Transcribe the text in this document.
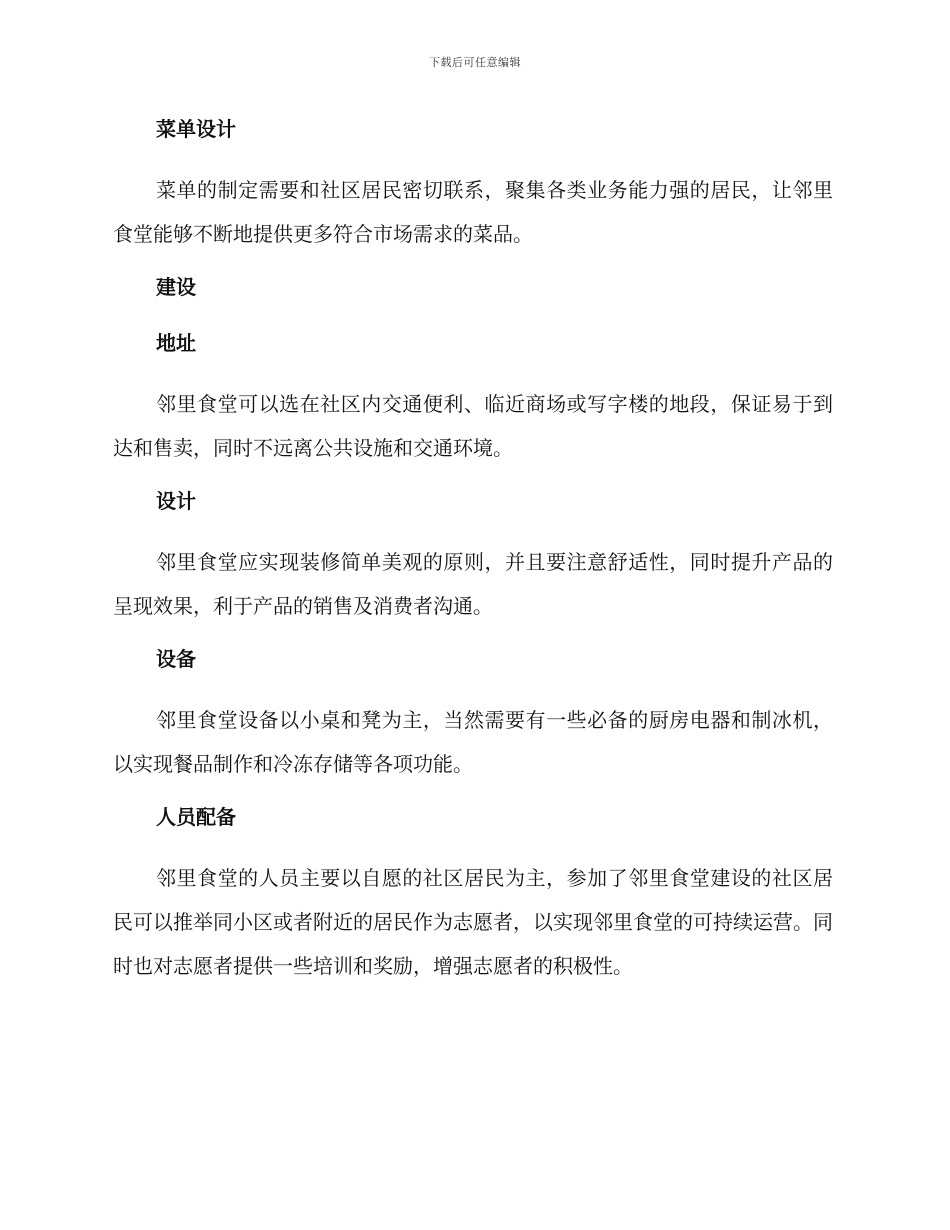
下载后可任意编辑
菜单设计

菜单的制定需要和社区居民密切联系，聚集各类业务能力强的居民，让邻里食堂能够不断地提供更多符合市场需求的菜品。

建设
地址

邻里食堂可以选在社区内交通便利、临近商场或写字楼的地段，保证易于到达和售卖，同时不远离公共设施和交通环境。

设计

邻里食堂应实现装修简单美观的原则，并且要注意舒适性，同时提升产品的呈现效果，利于产品的销售及消费者沟通。

设备

邻里食堂设备以小桌和凳为主，当然需要有一些必备的厨房电器和制冰机，以实现餐品制作和冷冻存储等各项功能。

人员配备

邻里食堂的人员主要以自愿的社区居民为主，参加了邻里食堂建设的社区居民可以推举同小区或者附近的居民作为志愿者，以实现邻里食堂的可持续运营。同时也对志愿者提供一些培训和奖励，增强志愿者的积极性。
